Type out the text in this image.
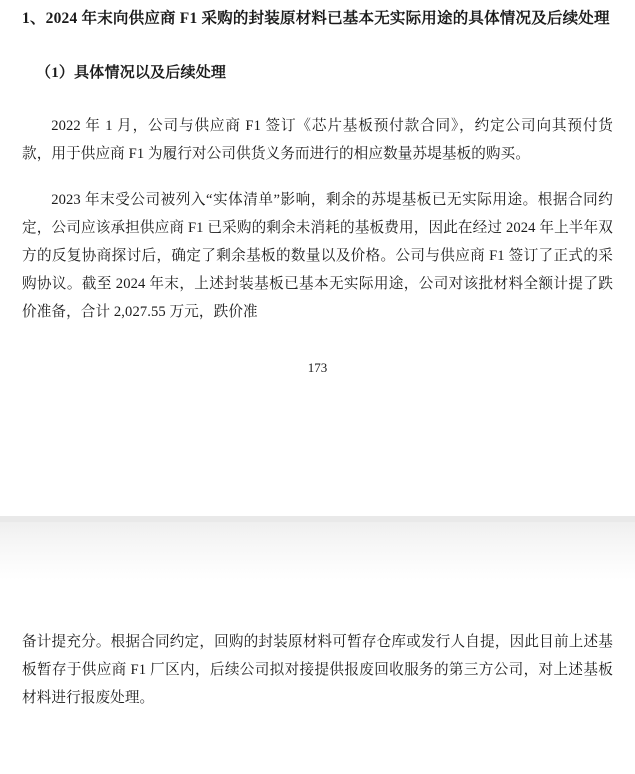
1、2024 年末向供应商 F1 采购的封装原材料已基本无实际用途的具体情况及后续处理
（1）具体情况以及后续处理

2022 年 1 月，公司与供应商 F1 签订《芯片基板预付款合同》，约定公司向其预付货款，用于供应商 F1 为履行对公司供货义务而进行的相应数量苏堤基板的购买。

2023 年末受公司被列入“实体清单”影响，剩余的苏堤基板已无实际用途。根据合同约定，公司应该承担供应商 F1 已采购的剩余未消耗的基板费用，因此在经过 2024 年上半年双方的反复协商探讨后，确定了剩余基板的数量以及价格。公司与供应商 F1 签订了正式的采购协议。截至 2024 年末，上述封装基板已基本无实际用途，公司对该批材料全额计提了跌价准备，合计 2,027.55 万元，跌价准

173

备计提充分。根据合同约定，回购的封装原材料可暂存仓库或发行人自提，因此目前上述基板暂存于供应商 F1 厂区内，后续公司拟对接提供报废回收服务的第三方公司，对上述基板材料进行报废处理。
